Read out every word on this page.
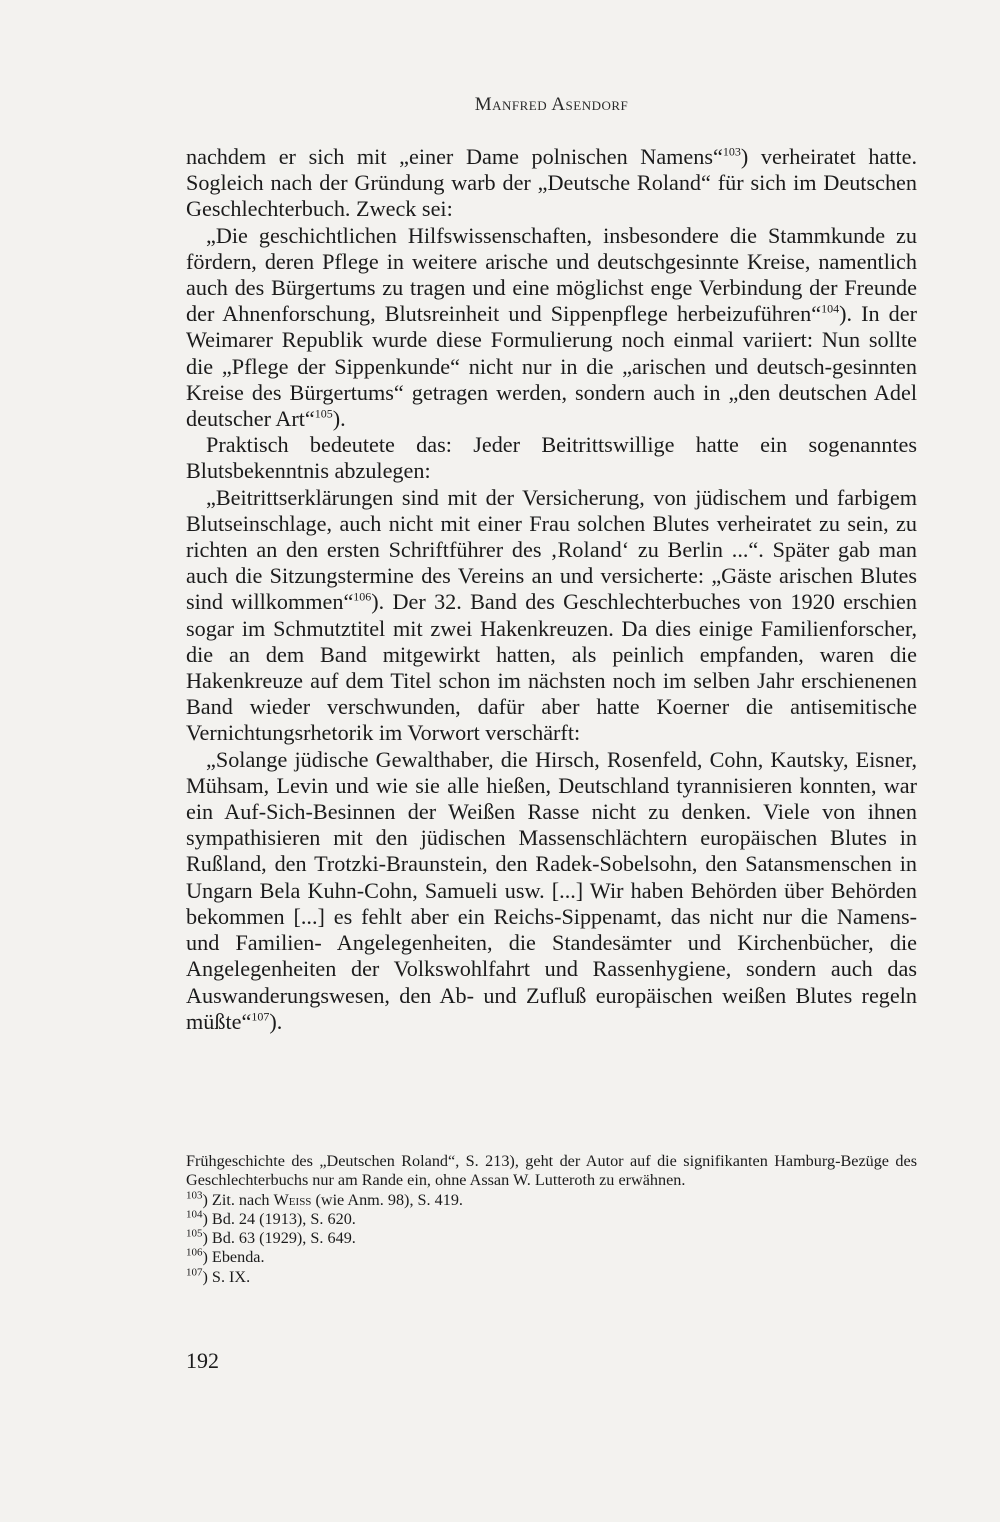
Manfred Asendorf

nachdem er sich mit „einer Dame polnischen Namens“$^{103}$) verheiratet hatte. Sogleich nach der Gründung warb der „Deutsche Roland“ für sich im Deutschen Geschlechterbuch. Zweck sei:

„Die geschichtlichen Hilfswissenschaften, insbesondere die Stammkunde zu fördern, deren Pflege in weitere arische und deutschgesinnte Kreise, namentlich auch des Bürgertums zu tragen und eine möglichst enge Verbindung der Freunde der Ahnenforschung, Blutsreinheit und Sippenpflege herbeizuführen“$^{104}$). In der Weimarer Republik wurde diese Formulierung noch einmal variiert: Nun sollte die „Pflege der Sippenkunde“ nicht nur in die „arischen und deutsch-gesinnten Kreise des Bürgertums“ getragen werden, sondern auch in „den deutschen Adel deutscher Art“$^{105}$).

Praktisch bedeutete das: Jeder Beitrittswillige hatte ein sogenanntes Blutsbekenntnis abzulegen:

„Beitrittserklärungen sind mit der Versicherung, von jüdischem und farbigem Blutseinschlage, auch nicht mit einer Frau solchen Blutes verheiratet zu sein, zu richten an den ersten Schriftführer des ‚Roland‘ zu Berlin ...“. Später gab man auch die Sitzungstermine des Vereins an und versicherte: „Gäste arischen Blutes sind willkommen“$^{106}$). Der 32. Band des Geschlechterbuches von 1920 erschien sogar im Schmutztitel mit zwei Hakenkreuzen. Da dies einige Familienforscher, die an dem Band mitgewirkt hatten, als peinlich empfanden, waren die Hakenkreuze auf dem Titel schon im nächsten noch im selben Jahr erschienenen Band wieder verschwunden, dafür aber hatte Koerner die antisemitische Vernichtungsrhetorik im Vorwort verschärft:

„Solange jüdische Gewalthaber, die Hirsch, Rosenfeld, Cohn, Kautsky, Eisner, Mühsam, Levin und wie sie alle hießen, Deutschland tyrannisieren konnten, war ein Auf-Sich-Besinnen der Weißen Rasse nicht zu denken. Viele von ihnen sympathisieren mit den jüdischen Massenschlächtern europäischen Blutes in Rußland, den Trotzki-Braunstein, den Radek-Sobelsohn, den Satansmenschen in Ungarn Bela Kuhn-Cohn, Samueli usw. [...] Wir haben Behörden über Behörden bekommen [...] es fehlt aber ein Reichs-Sippenamt, das nicht nur die Namens- und Familien- Angelegenheiten, die Standesämter und Kirchenbücher, die Angelegenheiten der Volkswohlfahrt und Rassenhygiene, sondern auch das Auswanderungswesen, den Ab- und Zufluß europäischen weißen Blutes regeln müßte“$^{107}$).

Frühgeschichte des „Deutschen Roland“, S. 213), geht der Autor auf die signifikanten Hamburg-Bezüge des Geschlechterbuchs nur am Rande ein, ohne Assan W. Lutteroth zu erwähnen.

$^{103}$) Zit. nach Weiss (wie Anm. 98), S. 419.
$^{104}$) Bd. 24 (1913), S. 620.
$^{105}$) Bd. 63 (1929), S. 649.
$^{106}$) Ebenda.
$^{107}$) S. IX.
192
